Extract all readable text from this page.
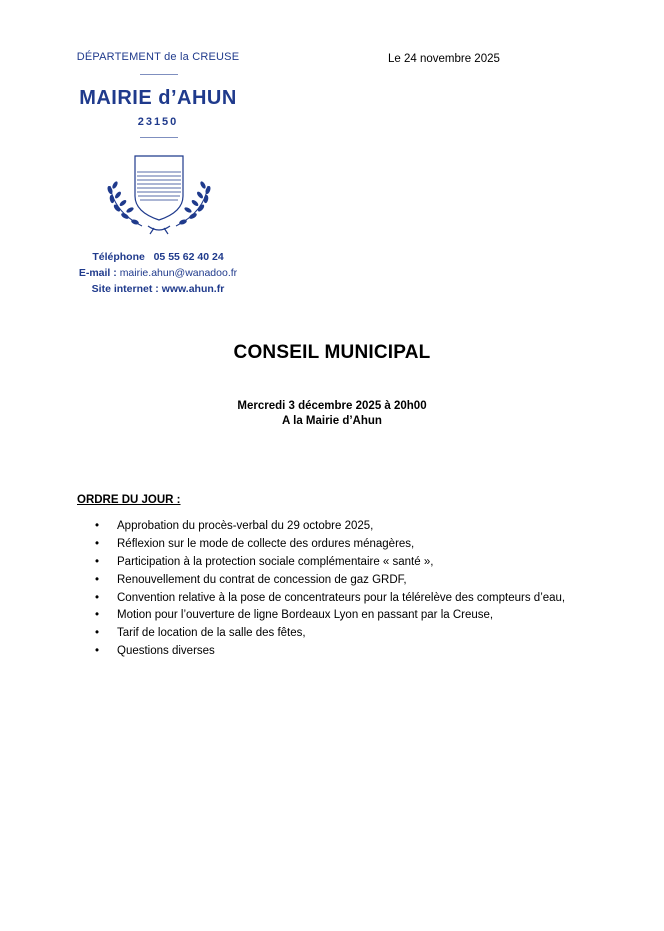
DÉPARTEMENT de la CREUSE
MAIRIE d’AHUN
23150
Téléphone 05 55 62 40 24
E-mail : mairie.ahun@wanadoo.fr
Site internet : www.ahun.fr
Le 24 novembre 2025
CONSEIL MUNICIPAL
Mercredi 3 décembre 2025 à 20h00
A la Mairie d’Ahun
ORDRE DU JOUR :
• Approbation du procès-verbal du 29 octobre 2025,
• Réflexion sur le mode de collecte des ordures ménagères,
• Participation à la protection sociale complémentaire « santé »,
• Renouvellement du contrat de concession de gaz GRDF,
• Convention relative à la pose de concentrateurs pour la télérelève des compteurs d’eau,
• Motion pour l’ouverture de ligne Bordeaux Lyon en passant par la Creuse,
• Tarif de location de la salle des fêtes,
• Questions diverses
